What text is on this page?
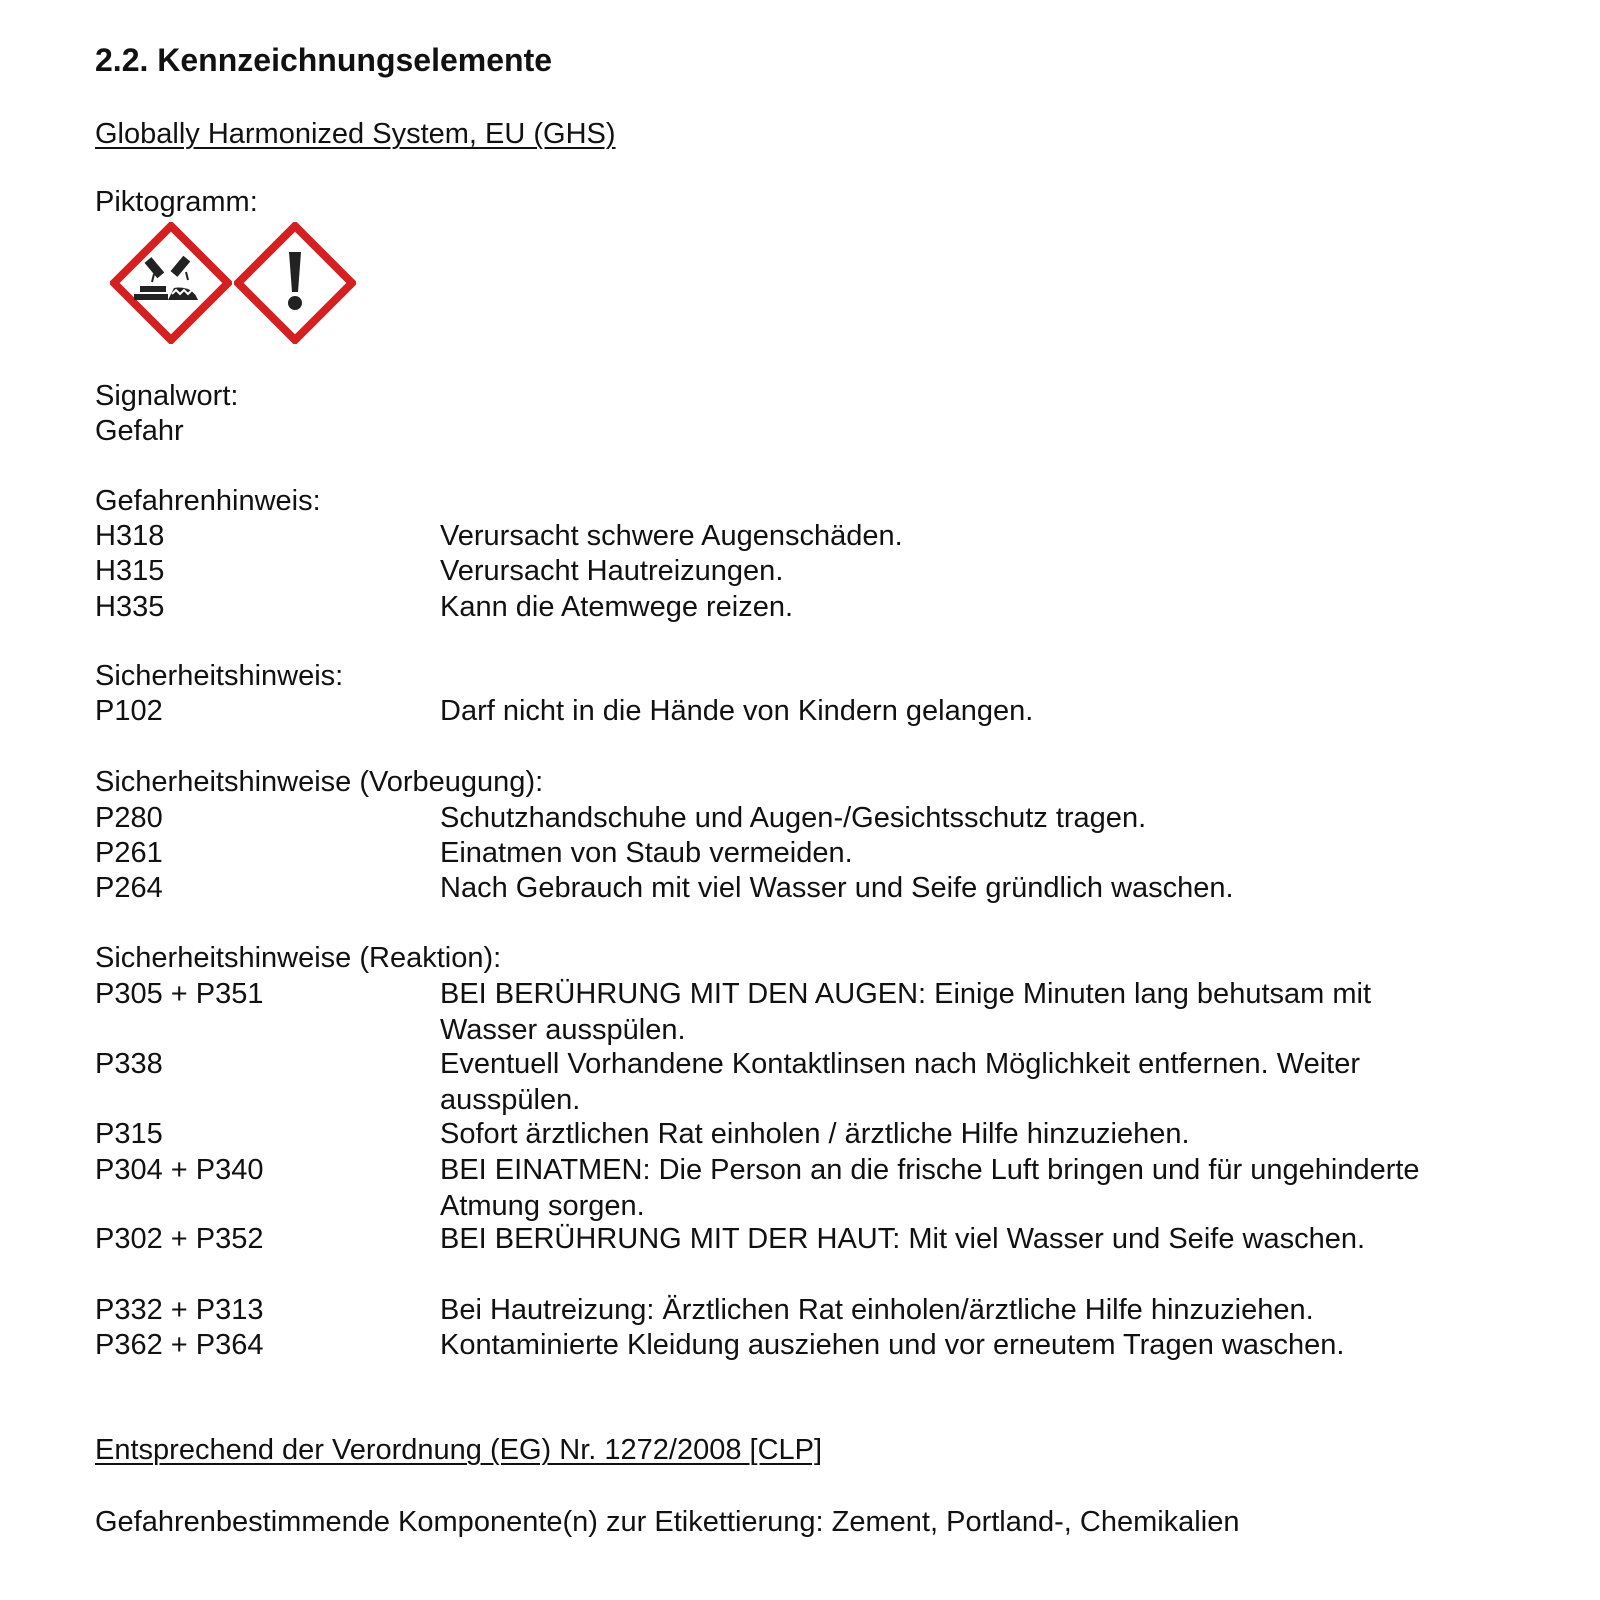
2.2. Kennzeichnungselemente
Globally Harmonized System, EU (GHS)
Piktogramm:
Signalwort:
Gefahr
Gefahrenhinweis:
H318	Verursacht schwere Augenschäden.
H315	Verursacht Hautreizungen.
H335	Kann die Atemwege reizen.
Sicherheitshinweis:
P102	Darf nicht in die Hände von Kindern gelangen.
Sicherheitshinweise (Vorbeugung):
P280	Schutzhandschuhe und Augen-/Gesichtsschutz tragen.
P261	Einatmen von Staub vermeiden.
P264	Nach Gebrauch mit viel Wasser und Seife gründlich waschen.
Sicherheitshinweise (Reaktion):
P305 + P351	BEI BERÜHRUNG MIT DEN AUGEN: Einige Minuten lang behutsam mit Wasser ausspülen.
P338	Eventuell Vorhandene Kontaktlinsen nach Möglichkeit entfernen. Weiter ausspülen.
P315	Sofort ärztlichen Rat einholen / ärztliche Hilfe hinzuziehen.
P304 + P340	BEI EINATMEN: Die Person an die frische Luft bringen und für ungehinderte Atmung sorgen.
P302 + P352	BEI BERÜHRUNG MIT DER HAUT: Mit viel Wasser und Seife waschen.
P332 + P313	Bei Hautreizung: Ärztlichen Rat einholen/ärztliche Hilfe hinzuziehen.
P362 + P364	Kontaminierte Kleidung ausziehen und vor erneutem Tragen waschen.
Entsprechend der Verordnung (EG) Nr. 1272/2008 [CLP]
Gefahrenbestimmende Komponente(n) zur Etikettierung: Zement, Portland-, Chemikalien
